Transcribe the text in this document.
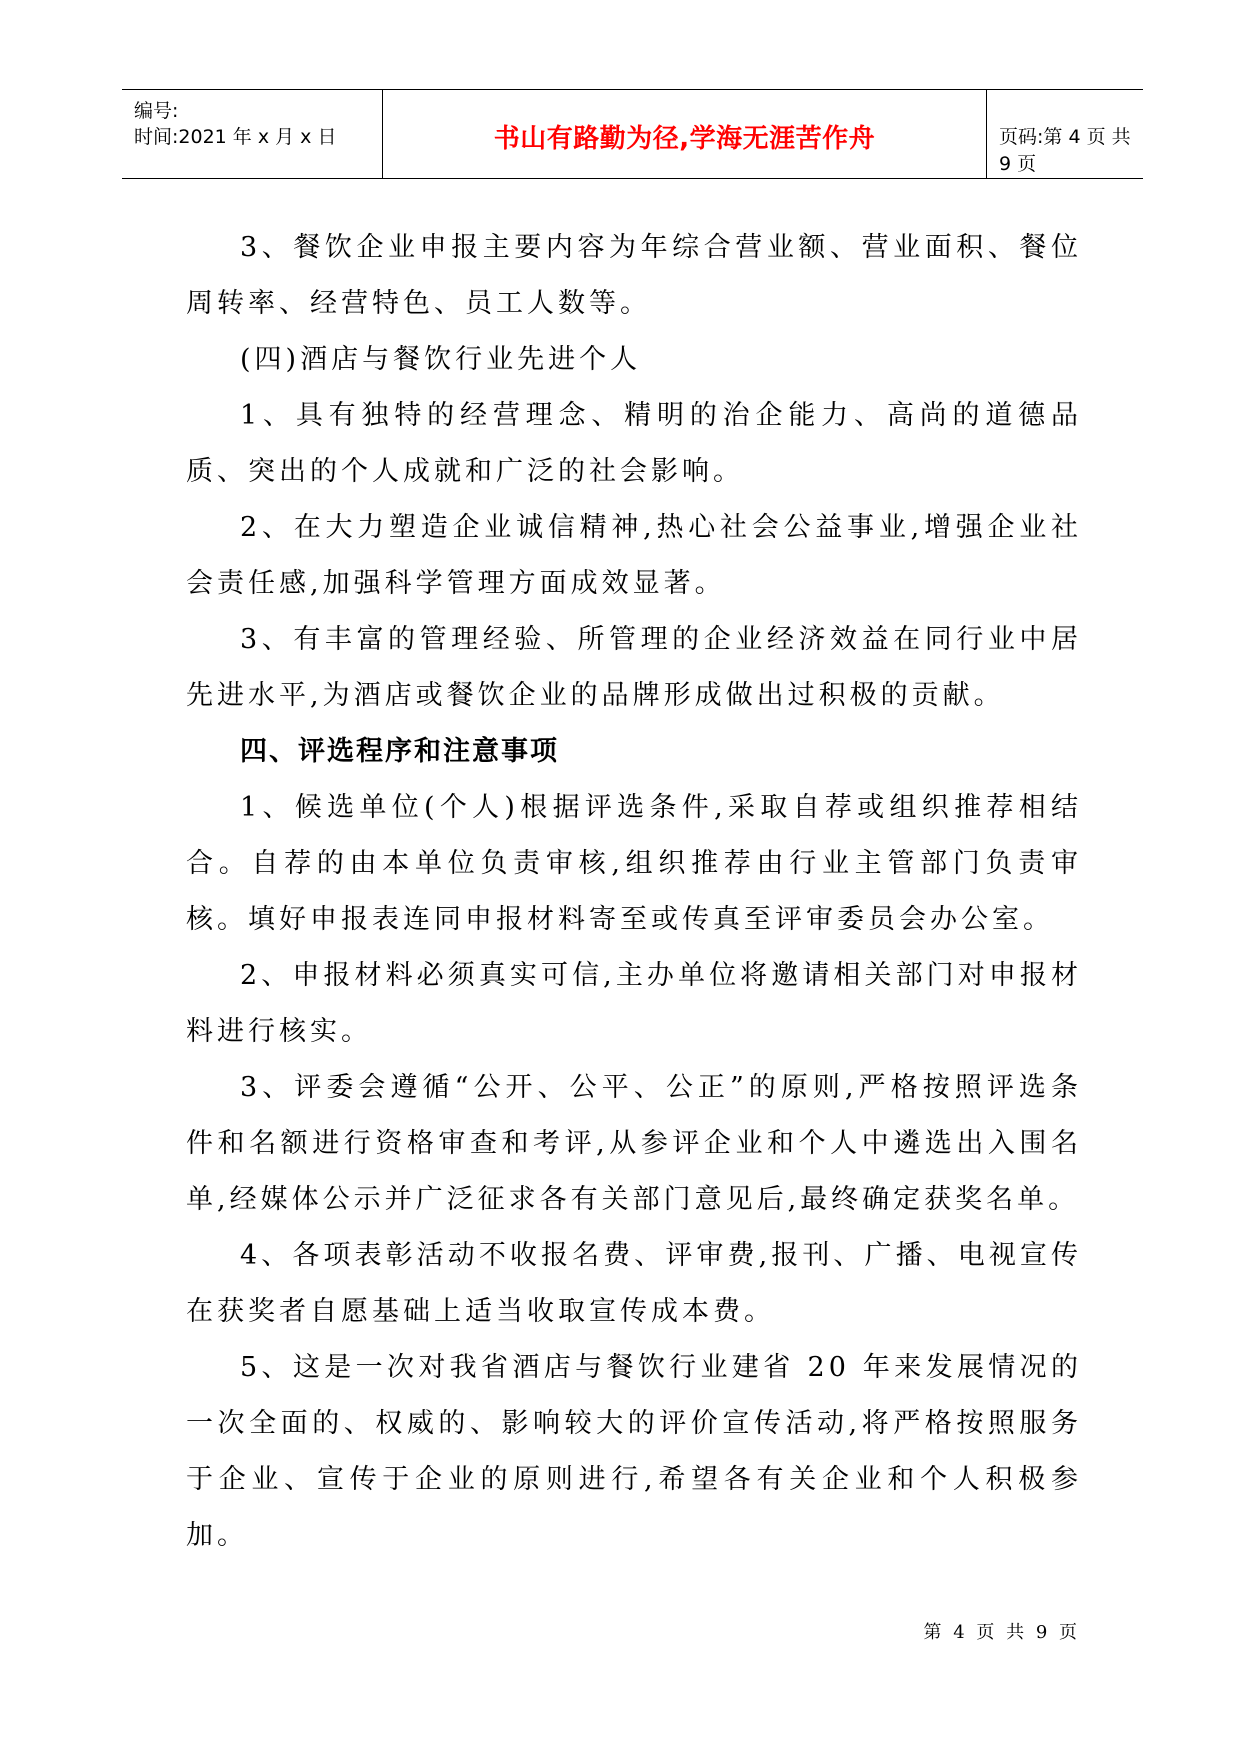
编号:
时间:2021 年 x 月 x 日	书山有路勤为径,学海无涯苦作舟	页码:第 4 页 共 9 页

3、餐饮企业申报主要内容为年综合营业额、营业面积、餐位周转率、经营特色、员工人数等。

(四)酒店与餐饮行业先进个人

1、具有独特的经营理念、精明的治企能力、高尚的道德品质、突出的个人成就和广泛的社会影响。

2、在大力塑造企业诚信精神,热心社会公益事业,增强企业社会责任感,加强科学管理方面成效显著。

3、有丰富的管理经验、所管理的企业经济效益在同行业中居先进水平,为酒店或餐饮企业的品牌形成做出过积极的贡献。

四、评选程序和注意事项

1、候选单位(个人)根据评选条件,采取自荐或组织推荐相结合。自荐的由本单位负责审核,组织推荐由行业主管部门负责审核。填好申报表连同申报材料寄至或传真至评审委员会办公室。

2、申报材料必须真实可信,主办单位将邀请相关部门对申报材料进行核实。

3、评委会遵循“公开、公平、公正”的原则,严格按照评选条件和名额进行资格审查和考评,从参评企业和个人中遴选出入围名单,经媒体公示并广泛征求各有关部门意见后,最终确定获奖名单。

4、各项表彰活动不收报名费、评审费,报刊、广播、电视宣传在获奖者自愿基础上适当收取宣传成本费。

5、这是一次对我省酒店与餐饮行业建省 20 年来发展情况的一次全面的、权威的、影响较大的评价宣传活动,将严格按照服务于企业、宣传于企业的原则进行,希望各有关企业和个人积极参加。

第 4 页 共 9 页
